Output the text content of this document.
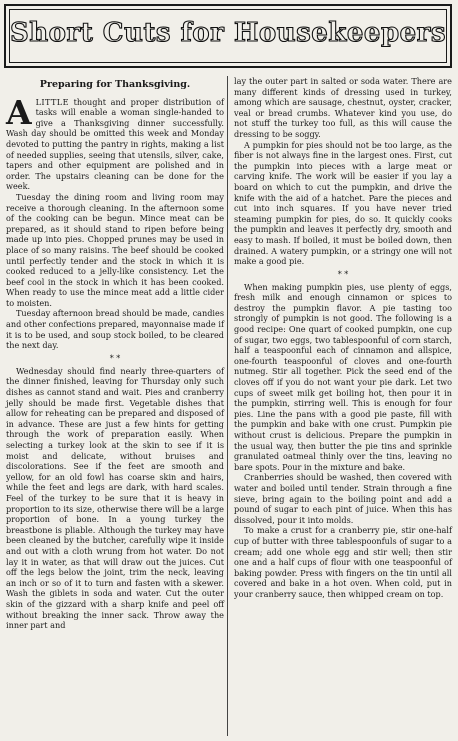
Short Cuts for Housekeepers
Preparing for Thanksgiving.

ALITTLE thought and proper distribution of tasks will enable a woman single-handed to give a Thanksgiving dinner successfully. Wash day should be omitted this week and Monday devoted to putting the pantry in rights, making a list of needed supplies, seeing that utensils, silver, cake, tapers and other equipment are polished and in order. The upstairs cleaning can be done for the week.

Tuesday the dining room and living room may receive a thorough cleaning. In the afternoon some of the cooking can be begun. Mince meat can be prepared, as it should stand to ripen before being made up into pies. Chopped prunes may be used in place of so many raisins. The beef should be cooked until perfectly tender and the stock in which it is cooked reduced to a jelly-like consistency. Let the beef cool in the stock in which it has been cooked. When ready to use the mince meat add a little cider to moisten.

Tuesday afternoon bread should be made, candies and other confections prepared, mayonnaise made if it is to be used, and soup stock boiled, to be cleared the next day.

* *

Wednesday should find nearly three-quarters of the dinner finished, leaving for Thursday only such dishes as cannot stand and wait. Pies and cranberry jelly should be made first. Vegetable dishes that allow for reheating can be prepared and disposed of in advance. These are just a few hints for getting through the work of preparation easily. When selecting a turkey look at the skin to see if it is moist and delicate, without bruises and discolorations. See if the feet are smooth and yellow, for an old fowl has coarse skin and hairs, while the feet and legs are dark, with hard scales. Feel of the turkey to be sure that it is heavy in proportion to its size, otherwise there will be a large proportion of bone. In a young turkey the breastbone is pliable. Although the turkey may have been cleaned by the butcher, carefully wipe it inside and out with a cloth wrung from hot water. Do not lay it in water, as that will draw out the juices. Cut off the legs below the joint, trim the neck, leaving an inch or so of it to turn and fasten with a skewer. Wash the giblets in soda and water. Cut the outer skin of the gizzard with a sharp knife and peel off without breaking the inner sack. Throw away the inner part and

lay the outer part in salted or soda water. There are many different kinds of dressing used in turkey, among which are sausage, chestnut, oyster, cracker, veal or bread crumbs. Whatever kind you use, do not stuff the turkey too full, as this will cause the dressing to be soggy.

A pumpkin for pies should not be too large, as the fiber is not always fine in the largest ones. First, cut the pumpkin into pieces with a large meat or carving knife. The work will be easier if you lay a board on which to cut the pumpkin, and drive the knife with the aid of a hatchet. Pare the pieces and cut into inch squares. If you have never tried steaming pumpkin for pies, do so. It quickly cooks the pumpkin and leaves it perfectly dry, smooth and easy to mash. If boiled, it must be boiled down, then drained. A watery pumpkin, or a stringy one will not make a good pie.

* *

When making pumpkin pies, use plenty of eggs, fresh milk and enough cinnamon or spices to destroy the pumpkin flavor. A pie tasting too strongly of pumpkin is not good. The following is a good recipe: One quart of cooked pumpkin, one cup of sugar, two eggs, two tablespoonful of corn starch, half a teaspoonful each of cinnamon and allspice, one-fourth teaspoonful of cloves and one-fourth nutmeg. Stir all together. Pick the seed end of the cloves off if you do not want your pie dark. Let two cups of sweet milk get boiling hot, then pour it in the pumpkin, stirring well. This is enough for four pies. Line the pans with a good pie paste, fill with the pumpkin and bake with one crust. Pumpkin pie without crust is delicious. Prepare the pumpkin in the usual way, then butter the pie tins and sprinkle granulated oatmeal thinly over the tins, leaving no bare spots. Pour in the mixture and bake.

Cranberries should be washed, then covered with water and boiled until tender. Strain through a fine sieve, bring again to the boiling point and add a pound of sugar to each pint of juice. When this has dissolved, pour it into molds.

To make a crust for a cranberry pie, stir one-half cup of butter with three tablespoonfuls of sugar to a cream; add one whole egg and stir well; then stir one and a half cups of flour with one teaspoonful of baking powder. Press with fingers on the tin until all covered and bake in a hot oven. When cold, put in your cranberry sauce, then whipped cream on top.
